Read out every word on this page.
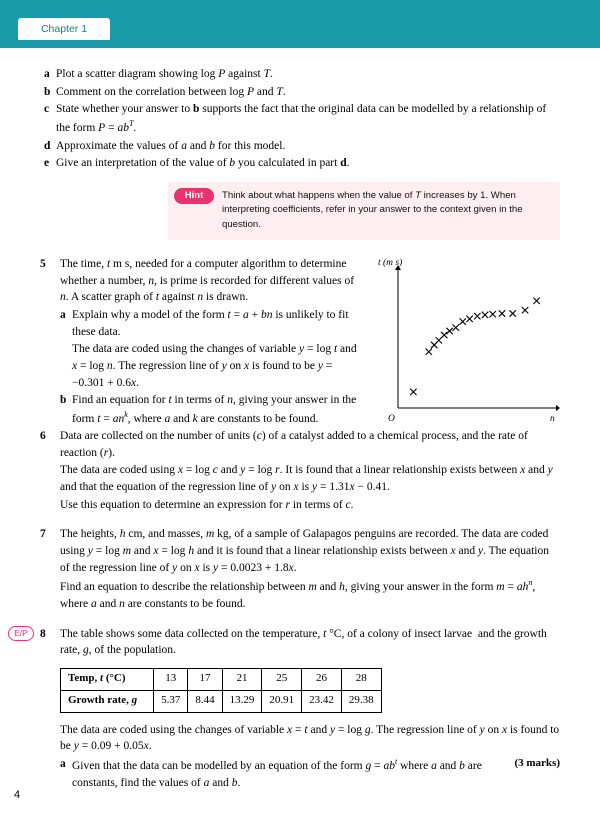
Chapter 1
a Plot a scatter diagram showing log P against T.
b Comment on the correlation between log P and T.
c State whether your answer to b supports the fact that the original data can be modelled by a relationship of the form $P = ab^T$.
d Approximate the values of a and b for this model.
e Give an interpretation of the value of b you calculated in part d.
Hint	Think about what happens when the value of T increases by 1. When interpreting coefficients, refer in your answer to the context given in the question.
5	The time, t m s, needed for a computer algorithm to determine whether a number, n, is prime is recorded for different values of n. A scatter graph of t against n is drawn.
a Explain why a model of the form t = a + bn is unlikely to fit these data.
The data are coded using the changes of variable y = log t and x = log n. The regression line of y on x is found to be y = −0.301 + 0.6x.
b Find an equation for t in terms of n, giving your answer in the form $t = an^k$, where a and k are constants to be found.
t (m s)
n
O
6	Data are collected on the number of units (c) of a catalyst added to a chemical process, and the rate of reaction (r).
The data are coded using x = log c and y = log r. It is found that a linear relationship exists between x and y and that the equation of the regression line of y on x is y = 1.31x − 0.41.
Use this equation to determine an expression for r in terms of c.
7	The heights, h cm, and masses, m kg, of a sample of Galapagos penguins are recorded. The data are coded using y = log m and x = log h and it is found that a linear relationship exists between x and y. The equation of the regression line of y on x is y = 0.0023 + 1.8x.
Find an equation to describe the relationship between m and h, giving your answer in the form $m = ah^n$, where a and n are constants to be found.
E/P	8	The table shows some data collected on the temperature, t °C, of a colony of insect larvae  and the growth rate, g, of the population.
Temp, t (°C)	13	17	21	25	26	28
Growth rate, g	5.37	8.44	13.29	20.91	23.42	29.38
The data are coded using the changes of variable x = t and y = log g. The regression line of y on x is found to be y = 0.09 + 0.05x.
a	(3 marks)
Given that the data can be modelled by an equation of the form $g = ab^t$ where a and b are constants, find the values of a and b.
4
